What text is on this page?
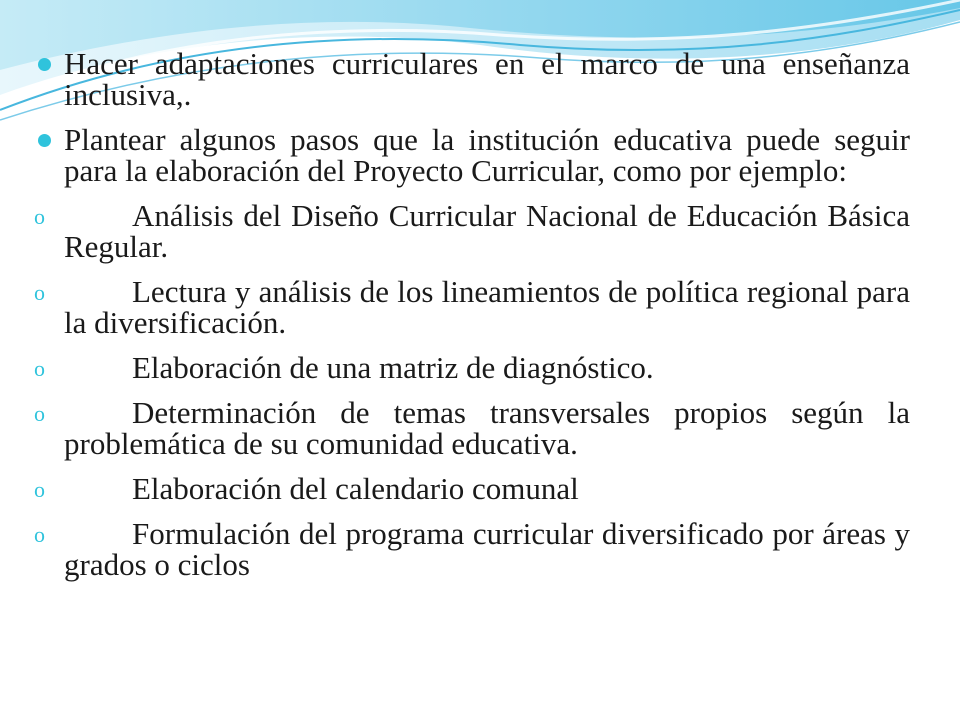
Hacer adaptaciones curriculares en el marco de una enseñanza inclusiva,.
Plantear algunos pasos que la institución educativa puede seguir para la elaboración del Proyecto Curricular, como por ejemplo:
o	Análisis del Diseño Curricular Nacional de Educación Básica Regular.
o	Lectura y análisis de los lineamientos de política regional para la diversificación.
o	Elaboración de una matriz de diagnóstico.
o	Determinación de temas transversales propios según la problemática de su comunidad educativa.
o	Elaboración del calendario comunal
o	Formulación del programa curricular diversificado por áreas y grados o ciclos
